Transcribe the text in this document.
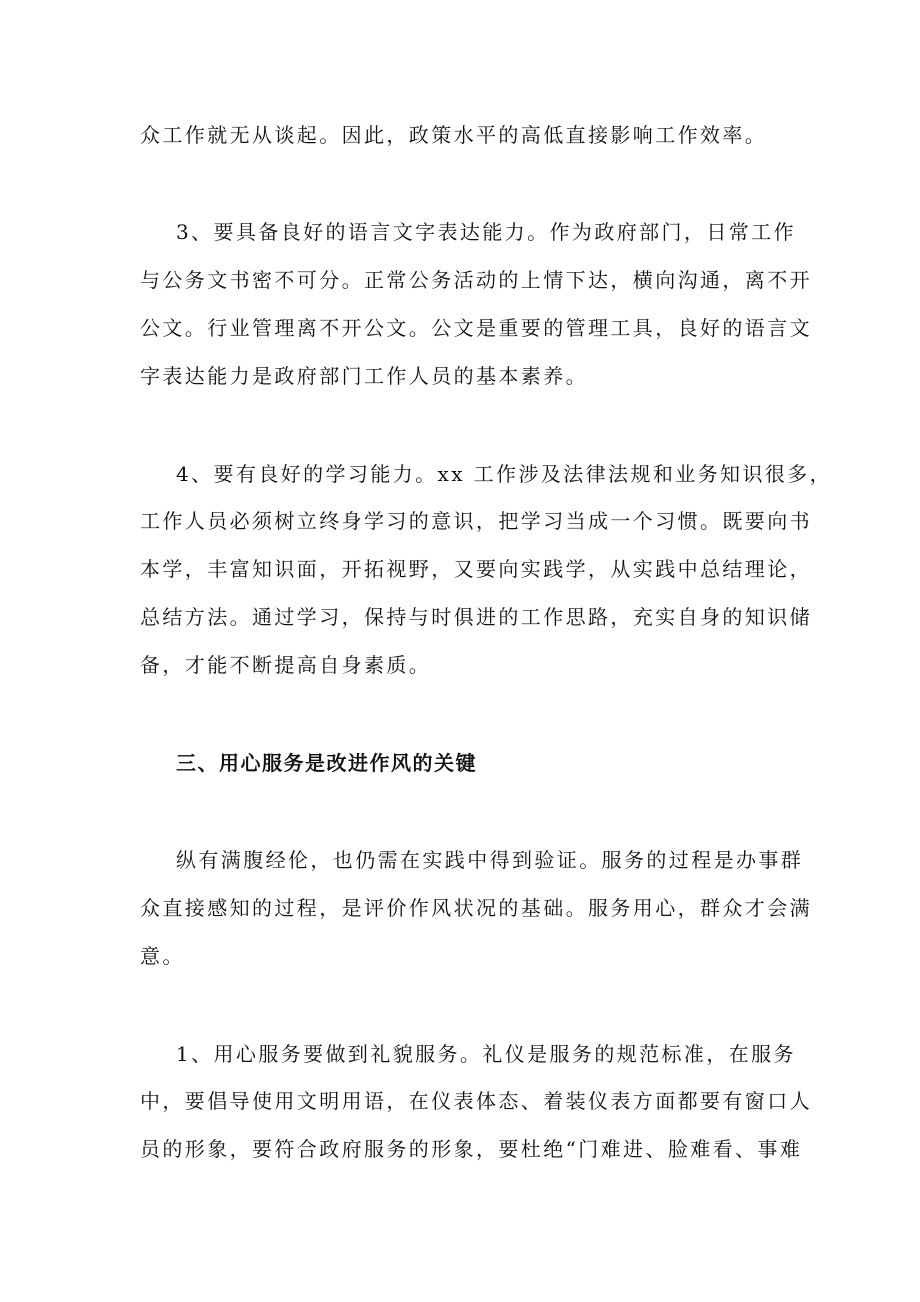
众工作就无从谈起。因此，政策水平的高低直接影响工作效率。
3、要具备良好的语言文字表达能力。作为政府部门，日常工作
与公务文书密不可分。正常公务活动的上情下达，横向沟通，离不开
公文。行业管理离不开公文。公文是重要的管理工具，良好的语言文
字表达能力是政府部门工作人员的基本素养。
4、要有良好的学习能力。xx 工作涉及法律法规和业务知识很多，
工作人员必须树立终身学习的意识，把学习当成一个习惯。既要向书
本学，丰富知识面，开拓视野，又要向实践学，从实践中总结理论，
总结方法。通过学习，保持与时俱进的工作思路，充实自身的知识储
备，才能不断提高自身素质。
三、用心服务是改进作风的关键
纵有满腹经伦，也仍需在实践中得到验证。服务的过程是办事群
众直接感知的过程，是评价作风状况的基础。服务用心，群众才会满
意。
1、用心服务要做到礼貌服务。礼仪是服务的规范标准，在服务
中，要倡导使用文明用语，在仪表体态、着装仪表方面都要有窗口人
员的形象，要符合政府服务的形象，要杜绝“门难进、脸难看、事难
